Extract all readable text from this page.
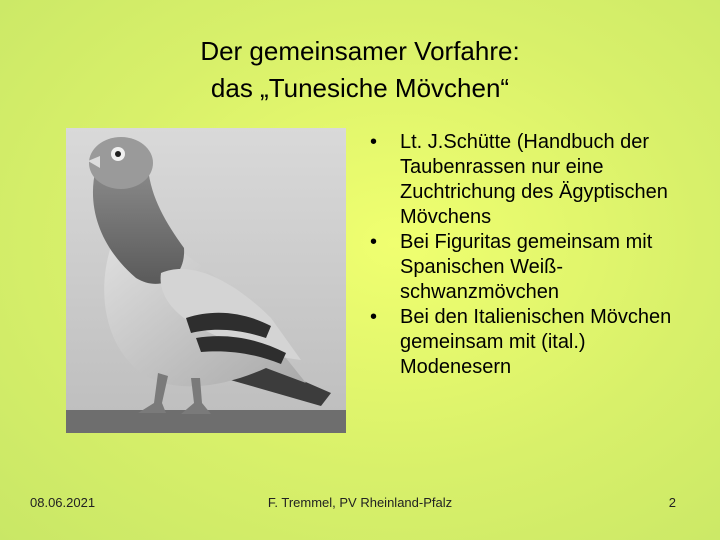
Der gemeinsamer Vorfahre:
das „Tunesiche Mövchen“
• Lt. J.Schütte (Handbuch der Taubenrassen nur eine Zuchtrichung des Ägyptischen Mövchens
• Bei Figuritas gemeinsam mit Spanischen Weiß-schwanzmövchen
• Bei den Italienischen Mövchen gemeinsam mit (ital.) Modenesern
08.06.2021	F. Tremmel, PV Rheinland-Pfalz	2
